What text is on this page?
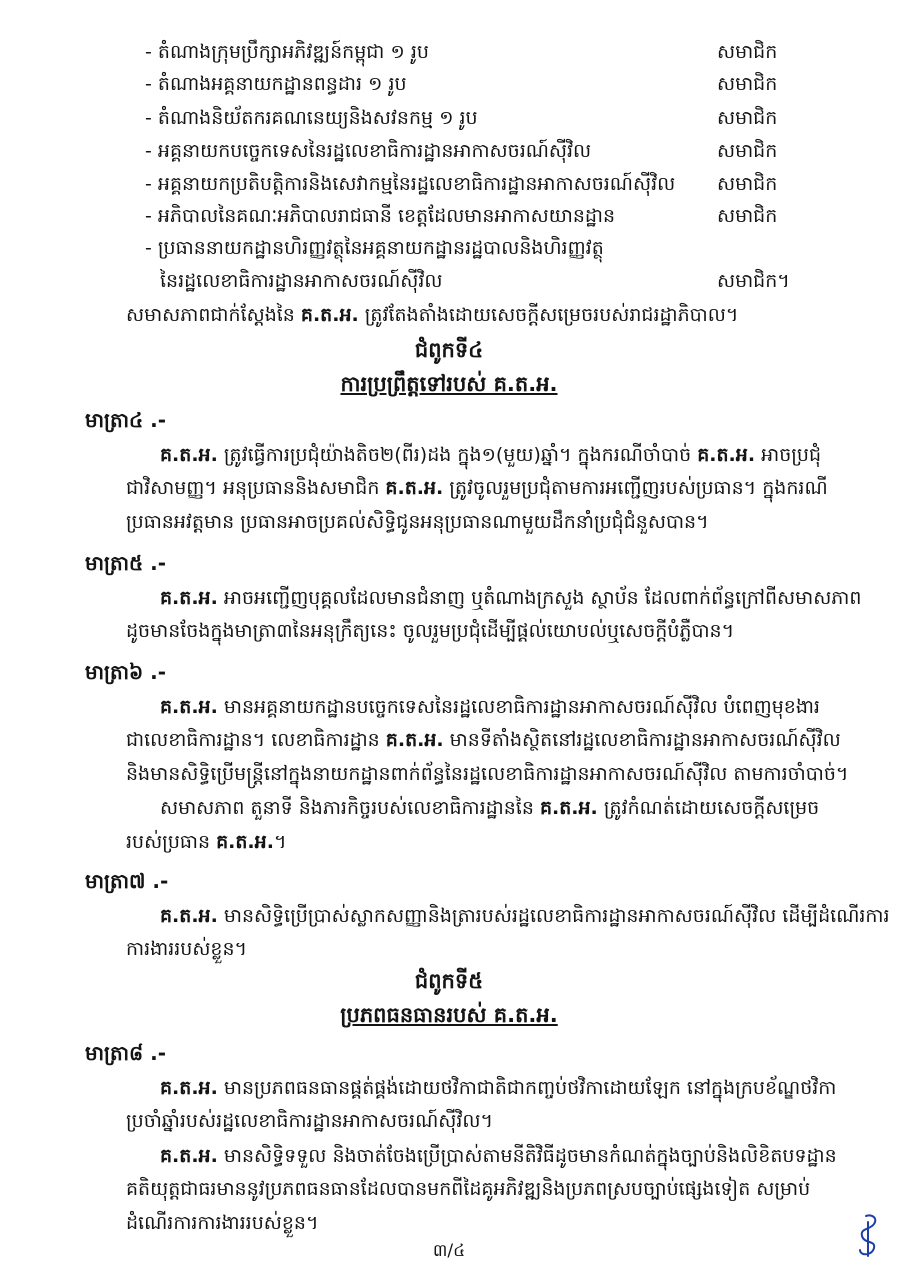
- តំណាងក្រុមប្រឹក្សាអភិវឌ្ឍន៍កម្ពុជា ១ រូប	សមាជិក
- តំណាងអគ្គនាយកដ្ឋានពន្ធដារ ១ រូប	សមាជិក
- តំណាងនិយ័តករគណនេយ្យនិងសវនកម្ម ១ រូប	សមាជិក
- អគ្គនាយកបច្ចេកទេសនៃរដ្ឋលេខាធិការដ្ឋានអាកាសចរណ៍ស៊ីវិល	សមាជិក
- អគ្គនាយកប្រតិបត្តិការនិងសេវាកម្មនៃរដ្ឋលេខាធិការដ្ឋានអាកាសចរណ៍ស៊ីវិល សមាជិក
- អភិបាលនៃគណៈអភិបាលរាជធានី ខេត្តដែលមានអាកាសយានដ្ឋាន	សមាជិក
- ប្រធាននាយកដ្ឋានហិរញ្ញវត្ថុនៃអគ្គនាយកដ្ឋានរដ្ឋបាលនិងហិរញ្ញវត្ថុ
នៃរដ្ឋលេខាធិការដ្ឋានអាកាសចរណ៍ស៊ីវិល	សមាជិក។
សមាសភាពជាក់ស្តែងនៃ គ.ត.អ. ត្រូវតែងតាំងដោយសេចក្តីសម្រេចរបស់រាជរដ្ឋាភិបាល។
ជំពូកទី៤
ការប្រព្រឹត្តទៅរបស់ គ.ត.អ.
មាត្រា៤ .-
គ.ត.អ. ត្រូវធ្វើការប្រជុំយ៉ាងតិច២(ពីរ)ដង ក្នុង១(មួយ)ឆ្នាំ។ ក្នុងករណីចាំបាច់ គ.ត.អ. អាចប្រជុំ
ជាវិសាមញ្ញ។ អនុប្រធាននិងសមាជិក គ.ត.អ. ត្រូវចូលរួមប្រជុំតាមការអញ្ជើញរបស់ប្រធាន។ ក្នុងករណី
ប្រធានអវត្តមាន ប្រធានអាចប្រគល់សិទ្ធិជូនអនុប្រធានណាមួយដឹកនាំប្រជុំជំនួសបាន។
មាត្រា៥ .-
គ.ត.អ. អាចអញ្ជើញបុគ្គលដែលមានជំនាញ ឬតំណាងក្រសួង ស្ថាប័ន ដែលពាក់ព័ន្ធក្រៅពីសមាសភាព
ដូចមានចែងក្នុងមាត្រា៣នៃអនុក្រឹត្យនេះ ចូលរួមប្រជុំដើម្បីផ្តល់យោបល់ឬសេចក្តីបំភ្លឺបាន។
មាត្រា៦ .-
គ.ត.អ. មានអគ្គនាយកដ្ឋានបច្ចេកទេសនៃរដ្ឋលេខាធិការដ្ឋានអាកាសចរណ៍ស៊ីវិល បំពេញមុខងារ
ជាលេខាធិការដ្ឋាន។ លេខាធិការដ្ឋាន គ.ត.អ. មានទីតាំងស្ថិតនៅរដ្ឋលេខាធិការដ្ឋានអាកាសចរណ៍ស៊ីវិល
និងមានសិទ្ធិប្រើមន្ត្រីនៅក្នុងនាយកដ្ឋានពាក់ព័ន្ធនៃរដ្ឋលេខាធិការដ្ឋានអាកាសចរណ៍ស៊ីវិល តាមការចាំបាច់។
សមាសភាព តួនាទី និងភារកិច្ចរបស់លេខាធិការដ្ឋាននៃ គ.ត.អ. ត្រូវកំណត់ដោយសេចក្តីសម្រេច
របស់ប្រធាន គ.ត.អ.។
មាត្រា៧ .-
គ.ត.អ. មានសិទ្ធិប្រើប្រាស់ស្លាកសញ្ញានិងត្រារបស់រដ្ឋលេខាធិការដ្ឋានអាកាសចរណ៍ស៊ីវិល ដើម្បីដំណើរការ
ការងាររបស់ខ្លួន។
ជំពូកទី៥
ប្រភពធនធានរបស់ គ.ត.អ.
មាត្រា៨ .-
គ.ត.អ. មានប្រភពធនធានផ្គត់ផ្គង់ដោយថវិកាជាតិជាកញ្ចប់ថវិកាដោយឡែក នៅក្នុងក្របខ័ណ្ឌថវិកា
ប្រចាំឆ្នាំរបស់រដ្ឋលេខាធិការដ្ឋានអាកាសចរណ៍ស៊ីវិល។
គ.ត.អ. មានសិទ្ធិទទួល និងចាត់ចែងប្រើប្រាស់តាមនីតិវិធីដូចមានកំណត់ក្នុងច្បាប់និងលិខិតបទដ្ឋាន
គតិយុត្តជាធរមាននូវប្រភពធនធានដែលបានមកពីដៃគូអភិវឌ្ឍនិងប្រភពស្របច្បាប់ផ្សេងទៀត សម្រាប់
ដំណើរការការងាររបស់ខ្លួន។
៣/៤
